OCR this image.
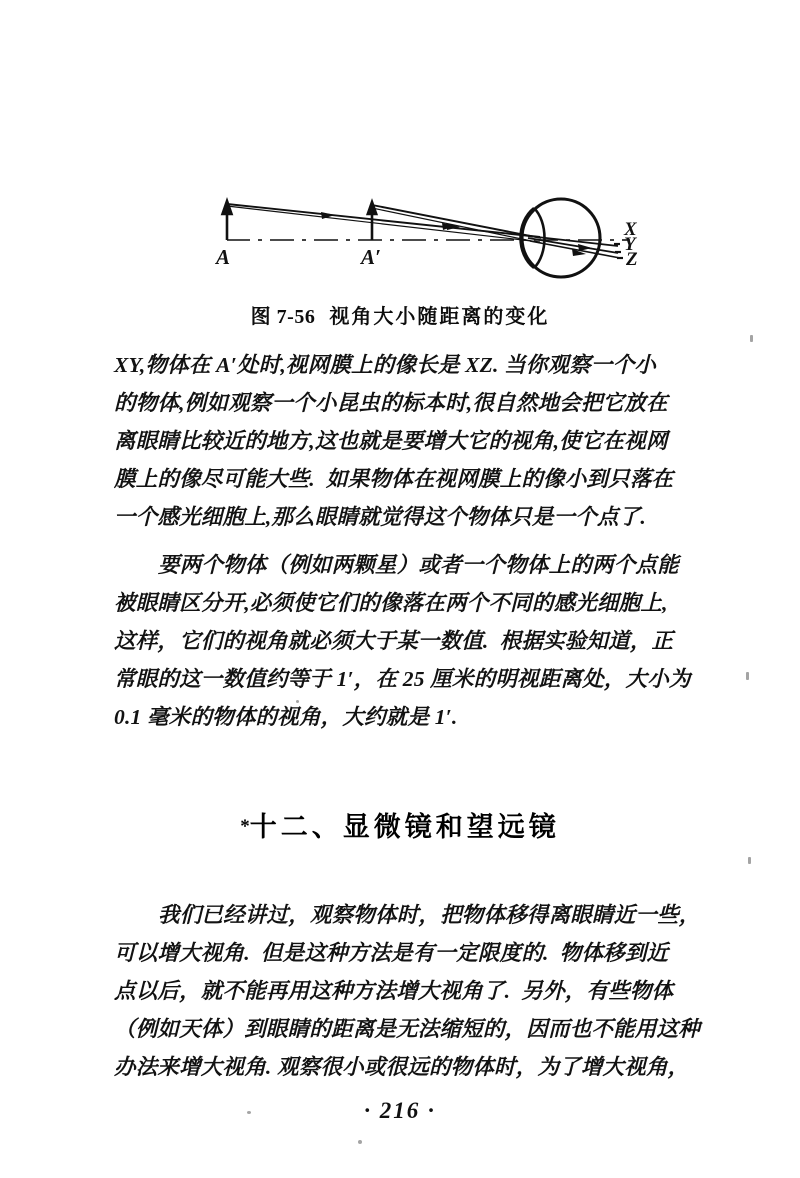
A	A′
X
Y
Z
图 7-56 视角大小随距离的变化
XY,物体在 A′处时,视网膜上的像长是 XZ. 当你观察一个小
的物体,例如观察一个小昆虫的标本时,很自然地会把它放在
离眼睛比较近的地方,这也就是要增大它的视角,使它在视网
膜上的像尽可能大些.  如果物体在视网膜上的像小到只落在
一个感光细胞上,那么眼睛就觉得这个物体只是一个点了.
要两个物体（例如两颗星）或者一个物体上的两个点能
被眼睛区分开,必须使它们的像落在两个不同的感光细胞上,
这样，它们的视角就必须大于某一数值.  根据实验知道，正
常眼的这一数值约等于 1′，在 25 厘米的明视距离处，大小为
0.1 毫米的物体的视角，大约就是 1′.
*十二、显微镜和望远镜
我们已经讲过，观察物体时，把物体移得离眼睛近一些，
可以增大视角.  但是这种方法是有一定限度的.  物体移到近
点以后，就不能再用这种方法增大视角了.  另外，有些物体
（例如天体）到眼睛的距离是无法缩短的，因而也不能用这种
办法来增大视角. 观察很小或很远的物体时，为了增大视角，
· 216 ·
